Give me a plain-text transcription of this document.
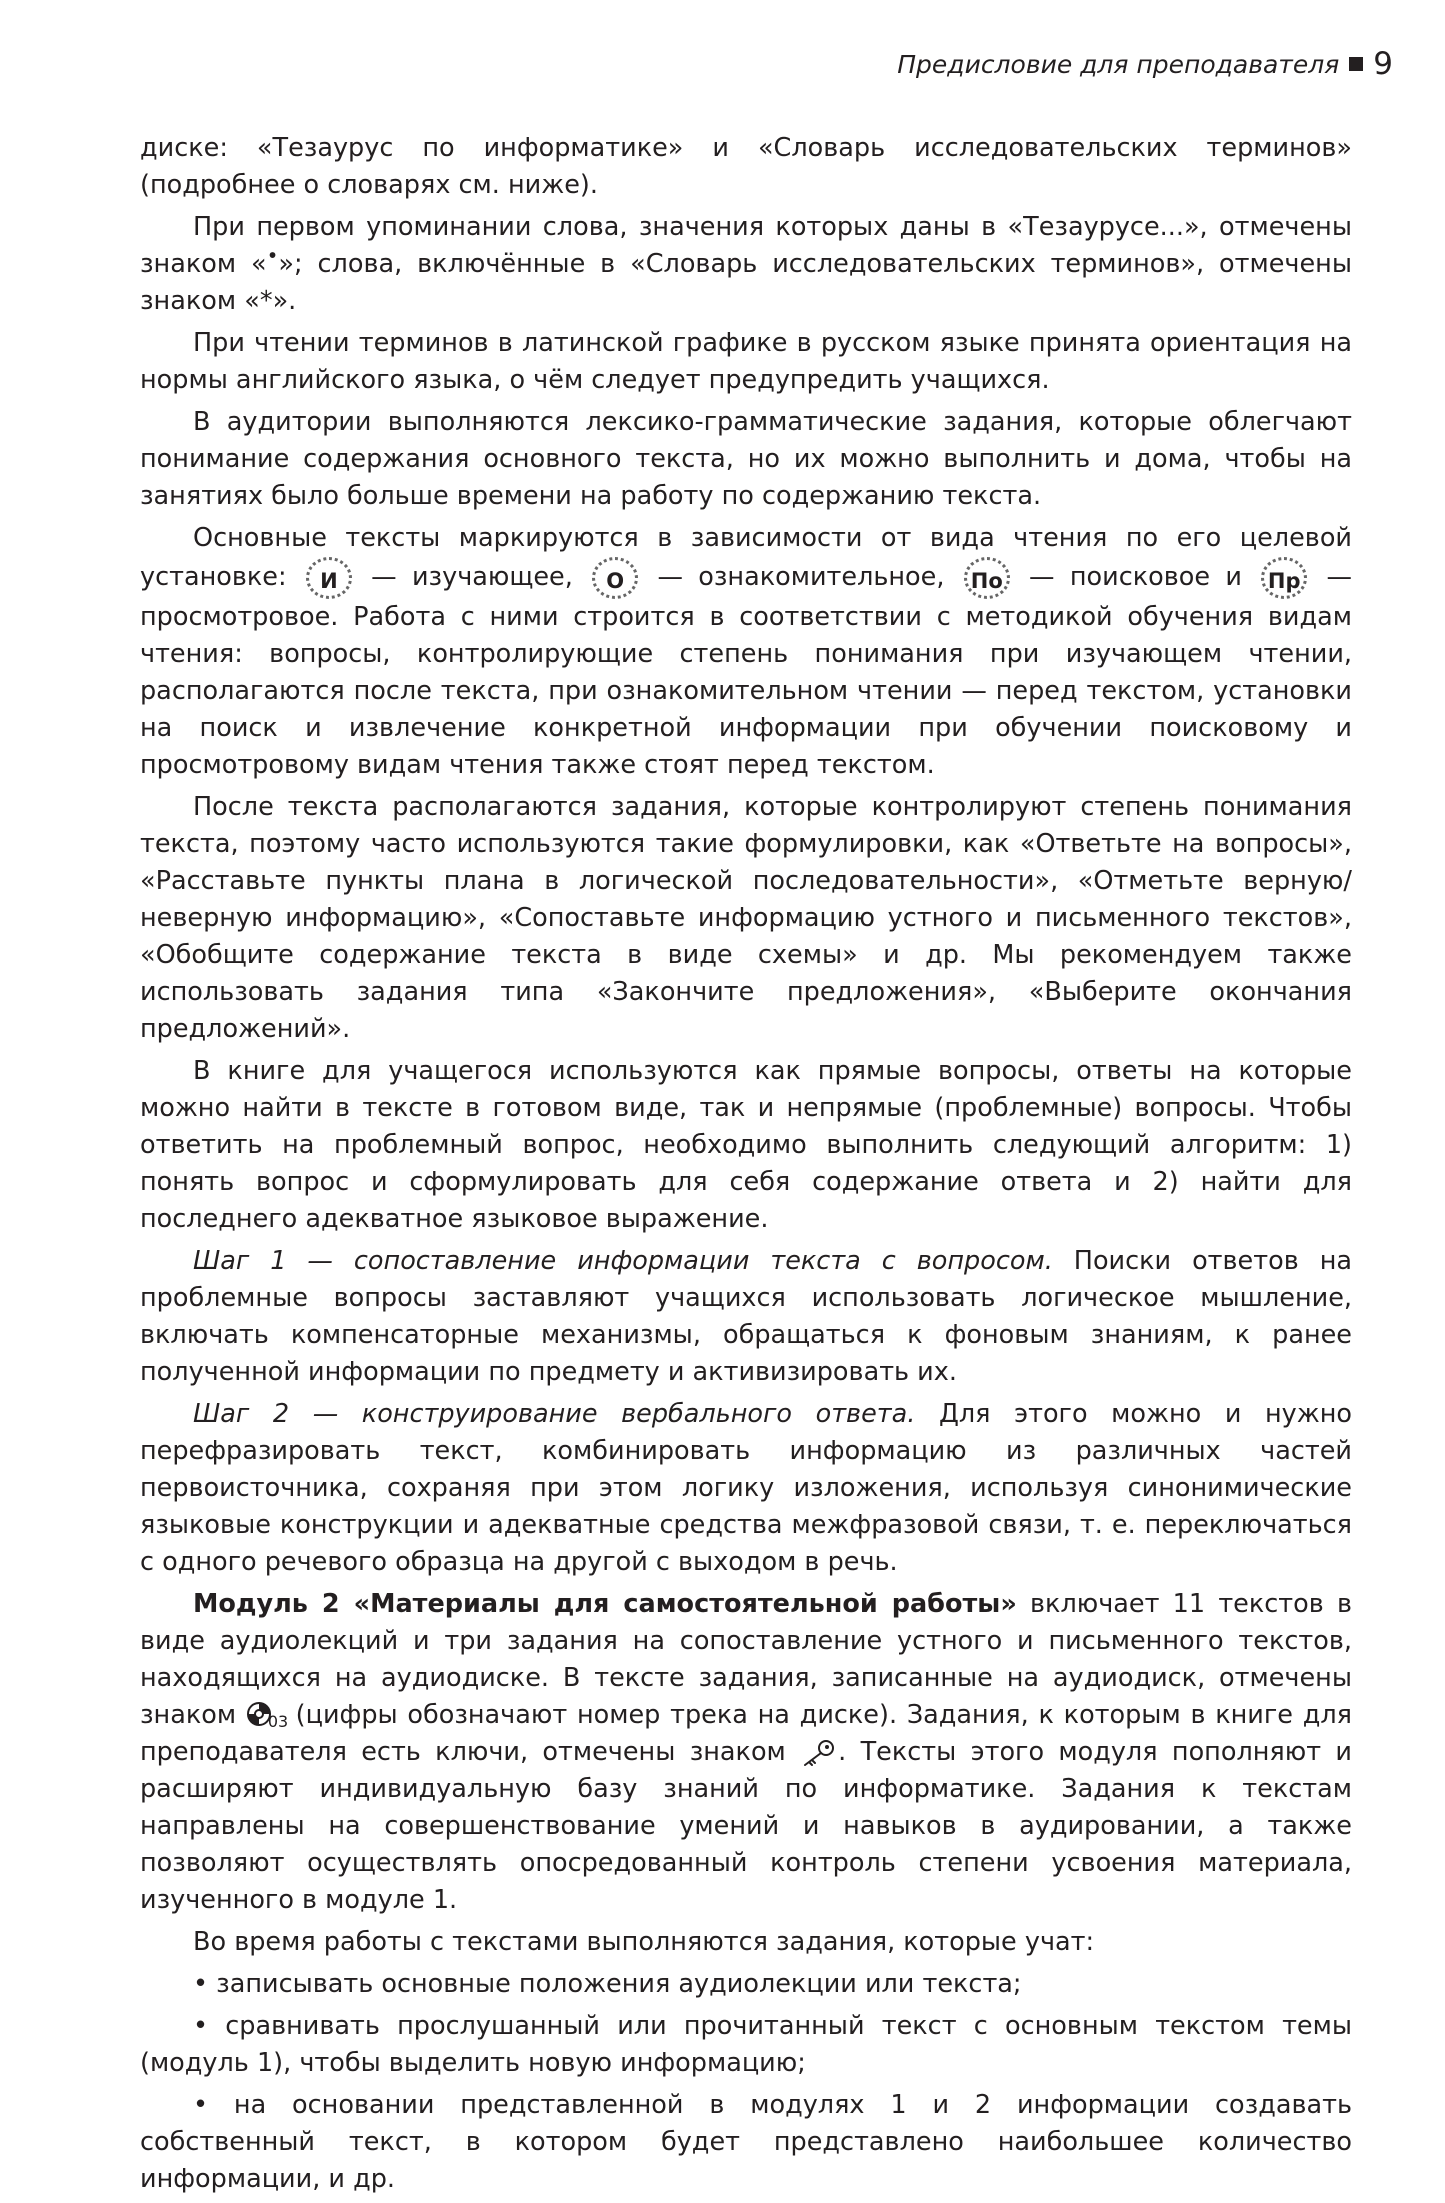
Предисловие для преподавателя 9

диске: «Тезаурус по информатике» и «Словарь исследовательских терминов» (подробнее о словарях см. ниже).

При первом упоминании слова, значения которых даны в «Тезаурусе...», отмечены знаком «•»; слова, включённые в «Словарь исследовательских терминов», отмечены знаком «*».

При чтении терминов в латинской графике в русском языке принята ориентация на нормы английского языка, о чём следует предупредить учащихся.

В аудитории выполняются лексико-грамматические задания, которые облегчают понимание содержания основного текста, но их можно выполнить и дома, чтобы на занятиях было больше времени на работу по содержанию текста.

Основные тексты маркируются в зависимости от вида чтения по его целевой установке: И — изучающее, О — ознакомительное, По — поисковое и Пр — просмотровое. Работа с ними строится в соответствии с методикой обучения видам чтения: вопросы, контролирующие степень понимания при изучающем чтении, располагаются после текста, при ознакомительном чтении — перед текстом, установки на поиск и извлечение конкретной информации при обучении поисковому и просмотровому видам чтения также стоят перед текстом.

После текста располагаются задания, которые контролируют степень понимания текста, поэтому часто используются такие формулировки, как «Ответьте на вопросы», «Расставьте пункты плана в логической последовательности», «Отметьте верную/неверную информацию», «Сопоставьте информацию устного и письменного текстов», «Обобщите содержание текста в виде схемы» и др. Мы рекомендуем также использовать задания типа «Закончите предложения», «Выберите окончания предложений».

В книге для учащегося используются как прямые вопросы, ответы на которые можно найти в тексте в готовом виде, так и непрямые (проблемные) вопросы. Чтобы ответить на проблемный вопрос, необходимо выполнить следующий алгоритм: 1) понять вопрос и сформулировать для себя содержание ответа и 2) найти для последнего адекватное языковое выражение.

Шаг 1 — сопоставление информации текста с вопросом. Поиски ответов на проблемные вопросы заставляют учащихся использовать логическое мышление, включать компенсаторные механизмы, обращаться к фоновым знаниям, к ранее полученной информации по предмету и активизировать их.

Шаг 2 — конструирование вербального ответа. Для этого можно и нужно перефразировать текст, комбинировать информацию из различных частей первоисточника, сохраняя при этом логику изложения, используя синонимические языковые конструкции и адекватные средства межфразовой связи, т. е. переключаться с одного речевого образца на другой с выходом в речь.

Модуль 2 «Материалы для самостоятельной работы» включает 11 текстов в виде аудиолекций и три задания на сопоставление устного и письменного текстов, находящихся на аудиодиске. В тексте задания, записанные на аудиодиск, отмечены знаком 03
(цифры обозначают номер трека на диске). Задания, к которым в книге для преподавателя есть ключи, отмечены знаком . Тексты этого модуля пополняют и расширяют индивидуальную базу знаний по информатике. Задания к текстам направлены на совершенствование умений и навыков в аудировании, а также позволяют осуществлять опосредованный контроль степени усвоения материала, изученного в модуле 1.

Во время работы с текстами выполняются задания, которые учат:

• записывать основные положения аудиолекции или текста;

• сравнивать прослушанный или прочитанный текст с основным текстом темы (модуль 1), чтобы выделить новую информацию;

• на основании представленной в модулях 1 и 2 информации создавать собственный текст, в котором будет представлено наибольшее количество информации, и др.
